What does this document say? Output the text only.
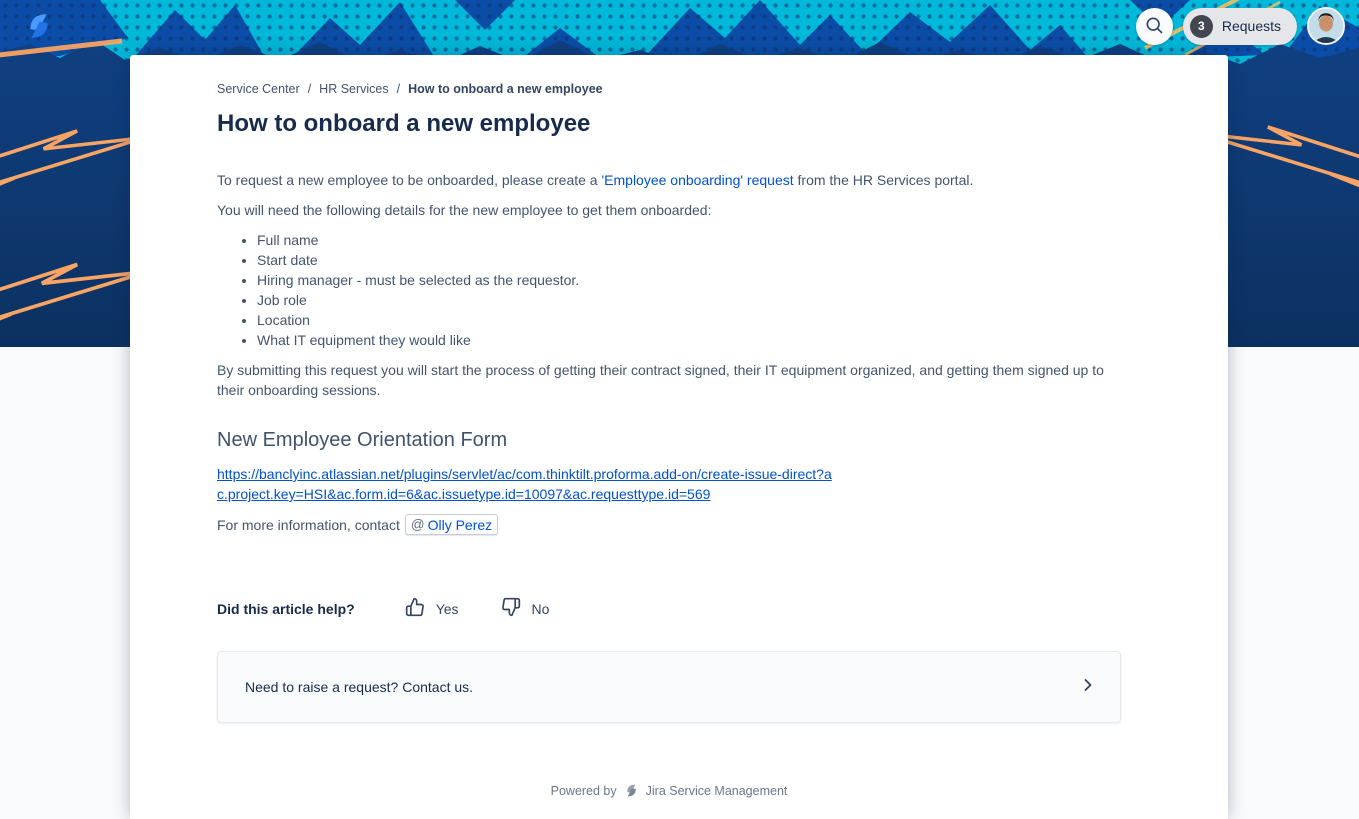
3	Requests
Service Center / HR Services / How to onboard a new employee
How to onboard a new employee

To request a new employee to be onboarded, please create a 'Employee onboarding' request from the HR Services portal.

You will need the following details for the new employee to get them onboarded:

• Full name
• Start date
• Hiring manager - must be selected as the requestor.
• Job role
• Location
• What IT equipment they would like

By submitting this request you will start the process of getting their contract signed, their IT equipment organized, and getting them signed up to their onboarding sessions.

New Employee Orientation Form
https://banclyinc.atlassian.net/plugins/servlet/ac/com.thinktilt.proforma.add-on/create-issue-direct?ac.project.key=HSI&ac.form.id=6&ac.issuetype.id=10097&ac.requesttype.id=569

For more information, contact @ Olly Perez

Did this article help?	Yes	No
Need to raise a request? Contact us.
Powered by Jira Service Management
